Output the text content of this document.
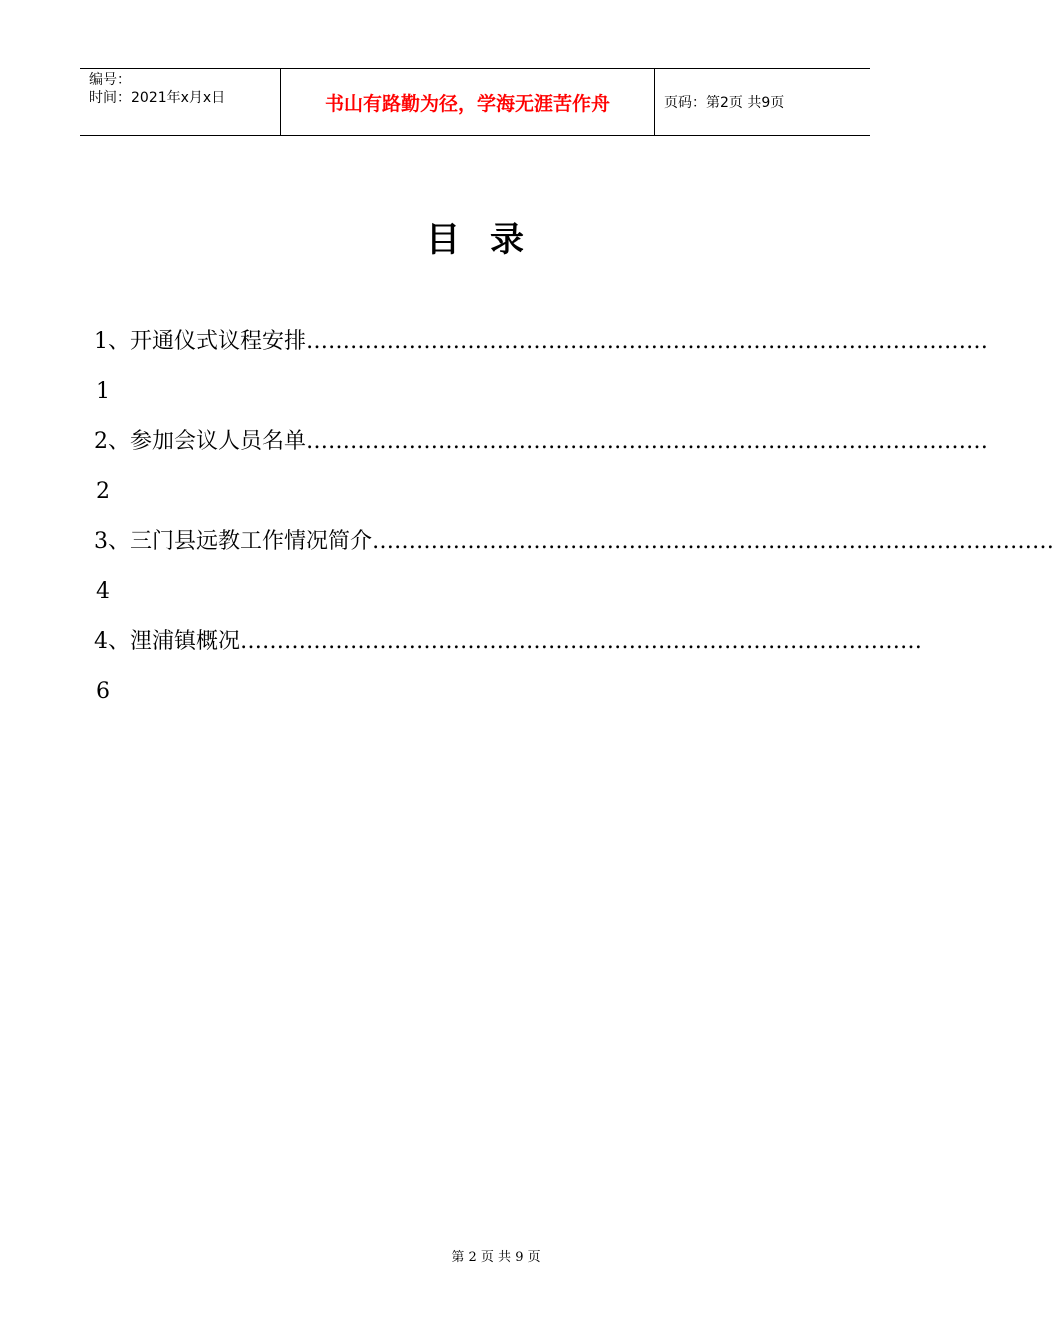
编号：
时间：2021年x月x日	书山有路勤为径，学海无涯苦作舟	页码：第2页 共9页
目录
1、开通仪式议程安排…………………………………………………………………………………
1
2、参加会议人员名单…………………………………………………………………………………
2
3、三门县远教工作情况简介…………………………………………………………………………………
4
4、浬浦镇概况…………………………………………………………………………………
6
第 2 页 共 9 页
